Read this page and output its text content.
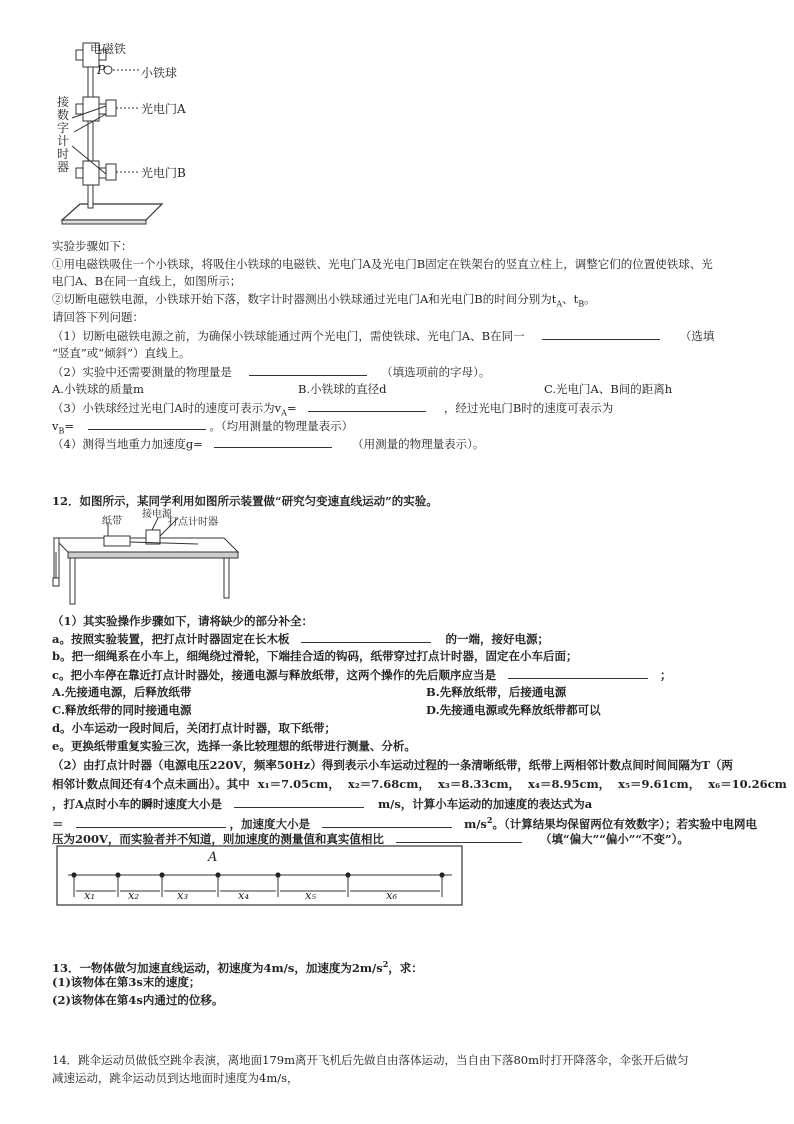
电磁铁
P	小铁球
光电门A
光电门B
接
数
字
计
时
器
实验步骤如下：
①用电磁铁吸住一个小铁球，将吸住小铁球的电磁铁、光电门A及光电门B固定在铁架台的竖直立柱上，调整它们的位置使铁球、光
电门A、B在同一直线上，如图所示；
②切断电磁铁电源，小铁球开始下落，数字计时器测出小铁球通过光电门A和光电门B的时间分别为$t_A$、$t_B$。
请回答下列问题：
（1）切断电磁铁电源之前，为确保小铁球能通过两个光电门，需使铁球、光电门A、B在同一	（选填
“竖直”或“倾斜”）直线上。
（2）实验中还需要测量的物理量是	（填选项前的字母）。
A.小铁球的质量m	B.小铁球的直径d	C.光电门A、B间的距离h
（3）小铁球经过光电门A时的速度可表示为$v_A=$	，经过光电门B时的速度可表示为
$v_B=$	。（均用测量的物理量表示）
（4）测得当地重力加速度g=	（用测量的物理量表示）。
12．如图所示，某同学利用如图所示装置做“研究匀变速直线运动”的实验。
纸带
接电源
打点计时器
（1）其实验操作步骤如下，请将缺少的部分补全：
a。按照实验装置，把打点计时器固定在长木板	的一端，接好电源；
b。把一细绳系在小车上，细绳绕过滑轮，下端挂合适的钩码，纸带穿过打点计时器，固定在小车后面；
c。把小车停在靠近打点计时器处，接通电源与释放纸带，这两个操作的先后顺序应当是	；
A.先接通电源，后释放纸带	B.先释放纸带，后接通电源
C.释放纸带的同时接通电源	D.先接通电源或先释放纸带都可以
d。小车运动一段时间后，关闭打点计时器，取下纸带；
e。更换纸带重复实验三次，选择一条比较理想的纸带进行测量、分析。
（2）由打点计时器（电源电压220V，频率50Hz）得到表示小车运动过程的一条清晰纸带，纸带上两相邻计数点间时间间隔为T（两
相邻计数点间还有4个点未画出）。其中 x₁＝7.05cm， x₂＝7.68cm， x₃＝8.33cm， x₄＝8.95cm， x₅＝9.61cm， x₆＝10.26cm
，打A点时小车的瞬时速度大小是	m/s，计算小车运动的加速度的表达式为a
＝	，加速度大小是	$m/s^2$。（计算结果均保留两位有效数字）；若实验中电网电
压为200V，而实验者并不知道，则加速度的测量值和真实值相比	（填“偏大”“偏小”“不变”）。
A
x₁	x₂	x₃	x₄	x₅	x₆
13．一物体做匀加速直线运动，初速度为4m/s，加速度为$2m/s^2$，求：
(1)该物体在第3s末的速度；
(2)该物体在第4s内通过的位移。
14．跳伞运动员做低空跳伞表演，离地面179m离开飞机后先做自由落体运动，当自由下落80m时打开降落伞，伞张开后做匀
减速运动，跳伞运动员到达地面时速度为4m/s，
